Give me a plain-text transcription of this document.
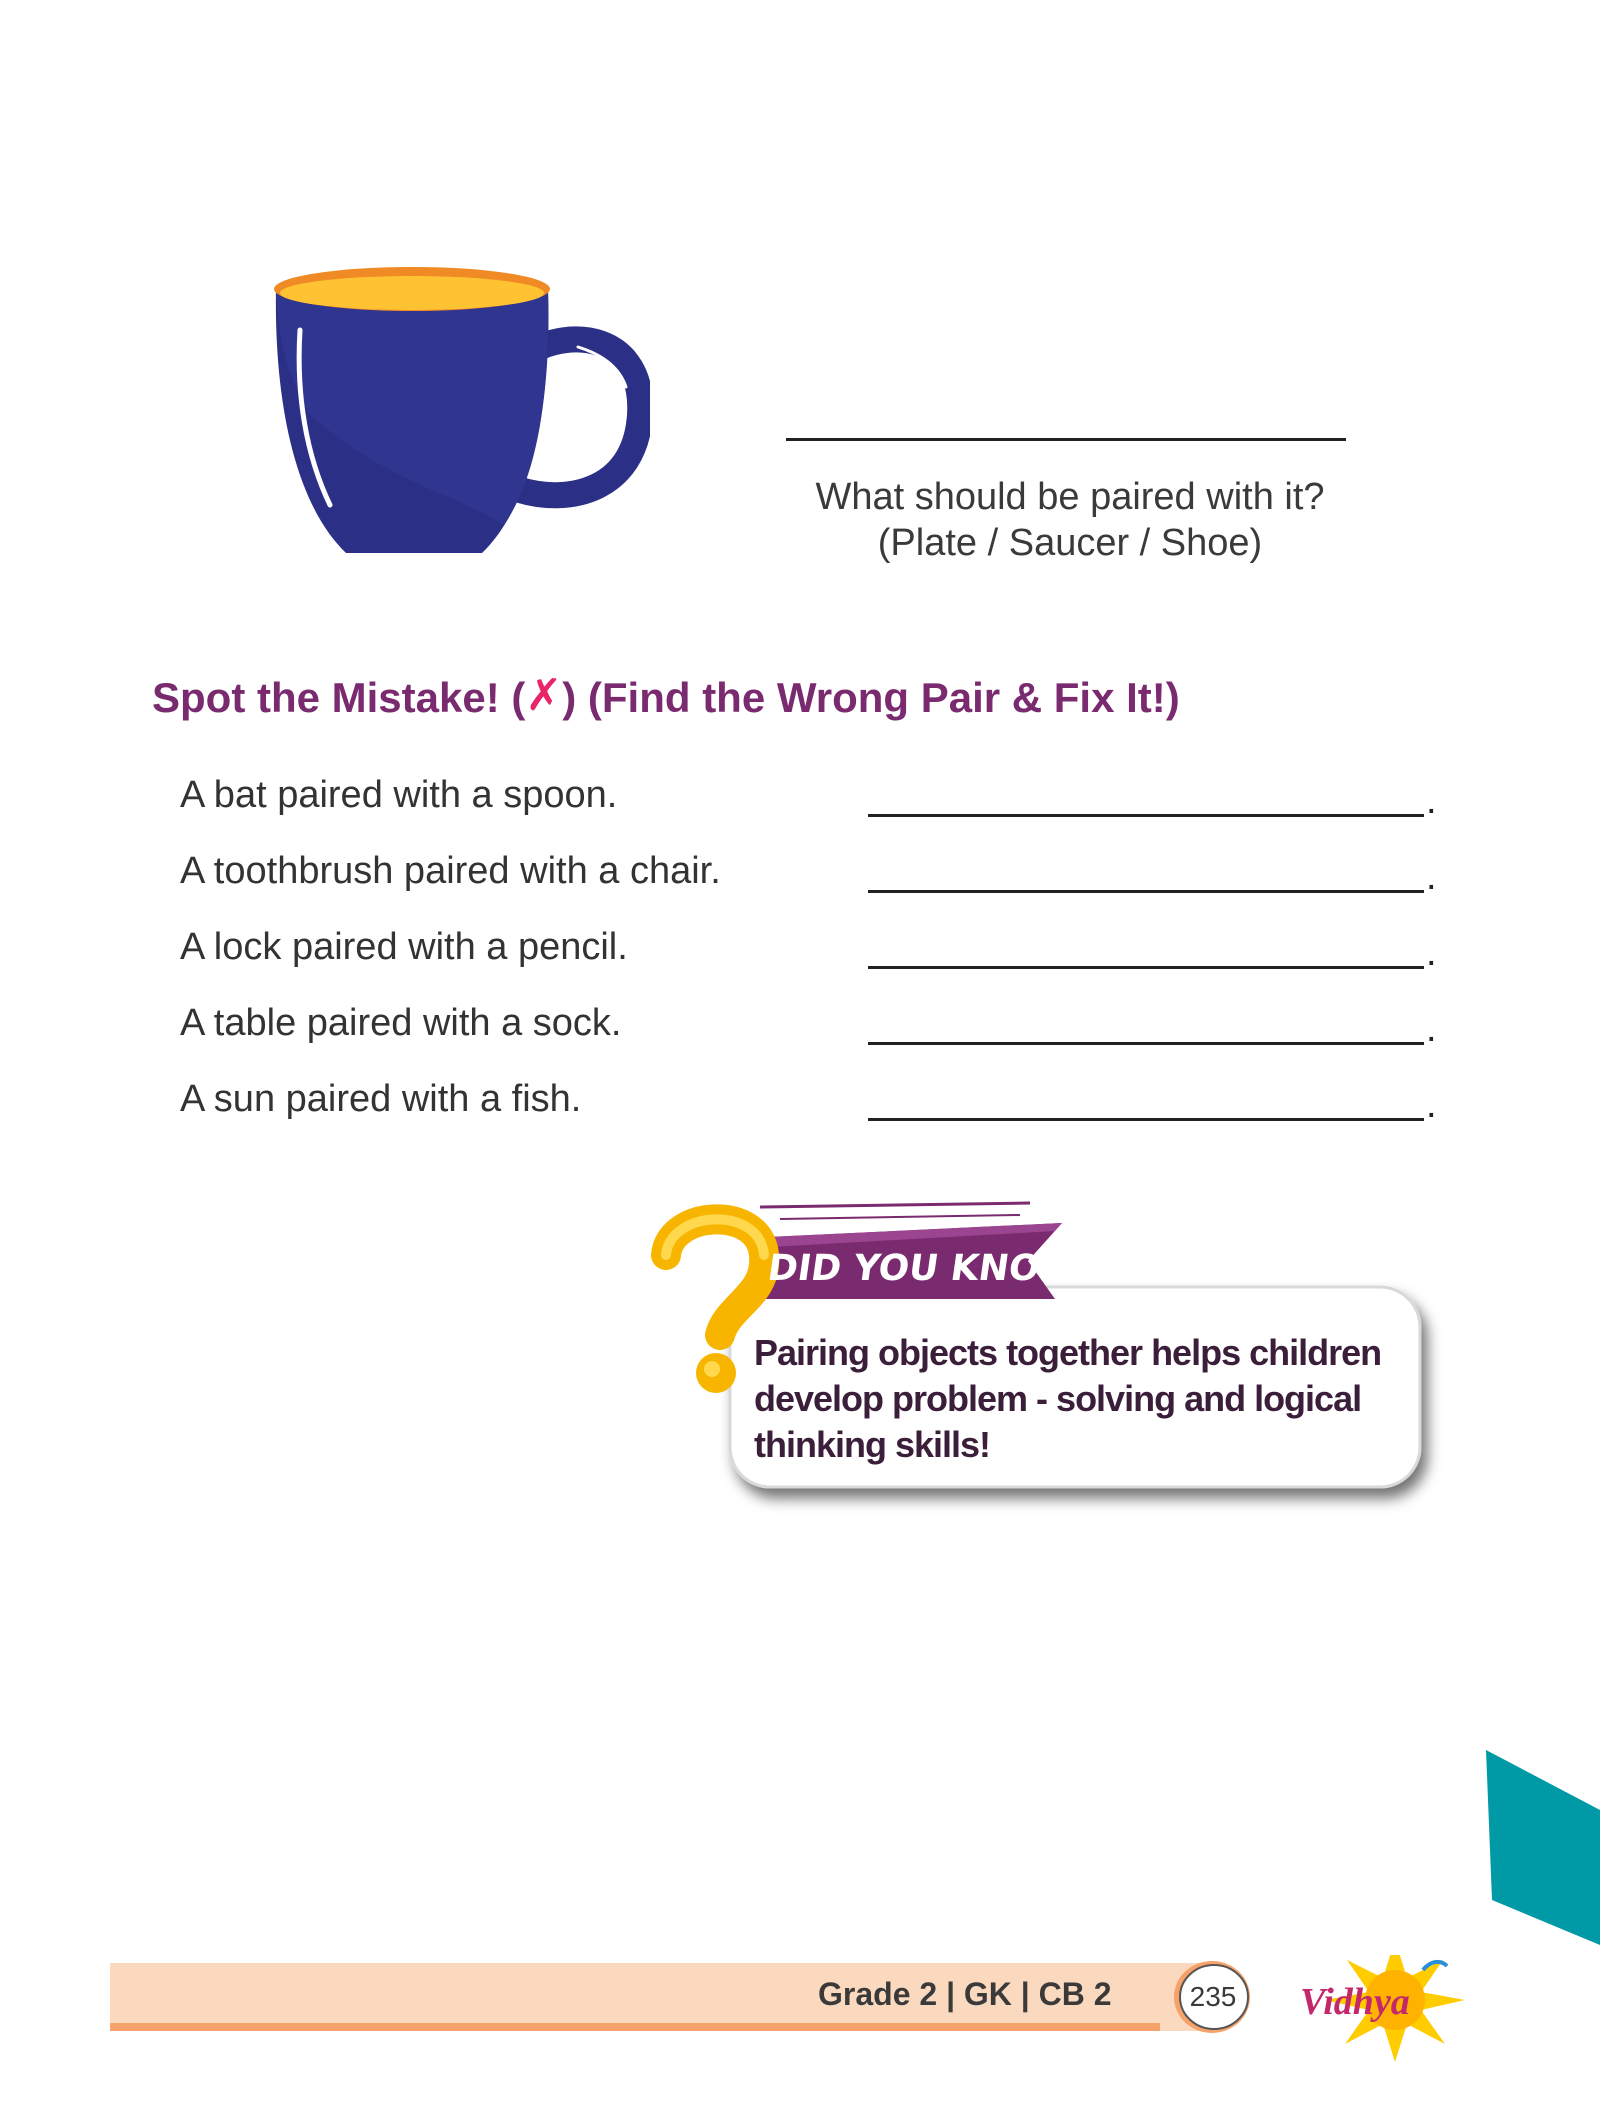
What should be paired with it?
(Plate / Saucer / Shoe)
Spot the Mistake! (✗) (Find the Wrong Pair & Fix It!)
A bat paired with a spoon.	.
A toothbrush paired with a chair.	.
A lock paired with a pencil.	.
A table paired with a sock.	.
A sun paired with a fish.	.
DID YOU KNOW?
Pairing objects together helps children
develop problem - solving and logical
thinking skills!
Grade 2 | GK | CB 2	235	Vidhya
